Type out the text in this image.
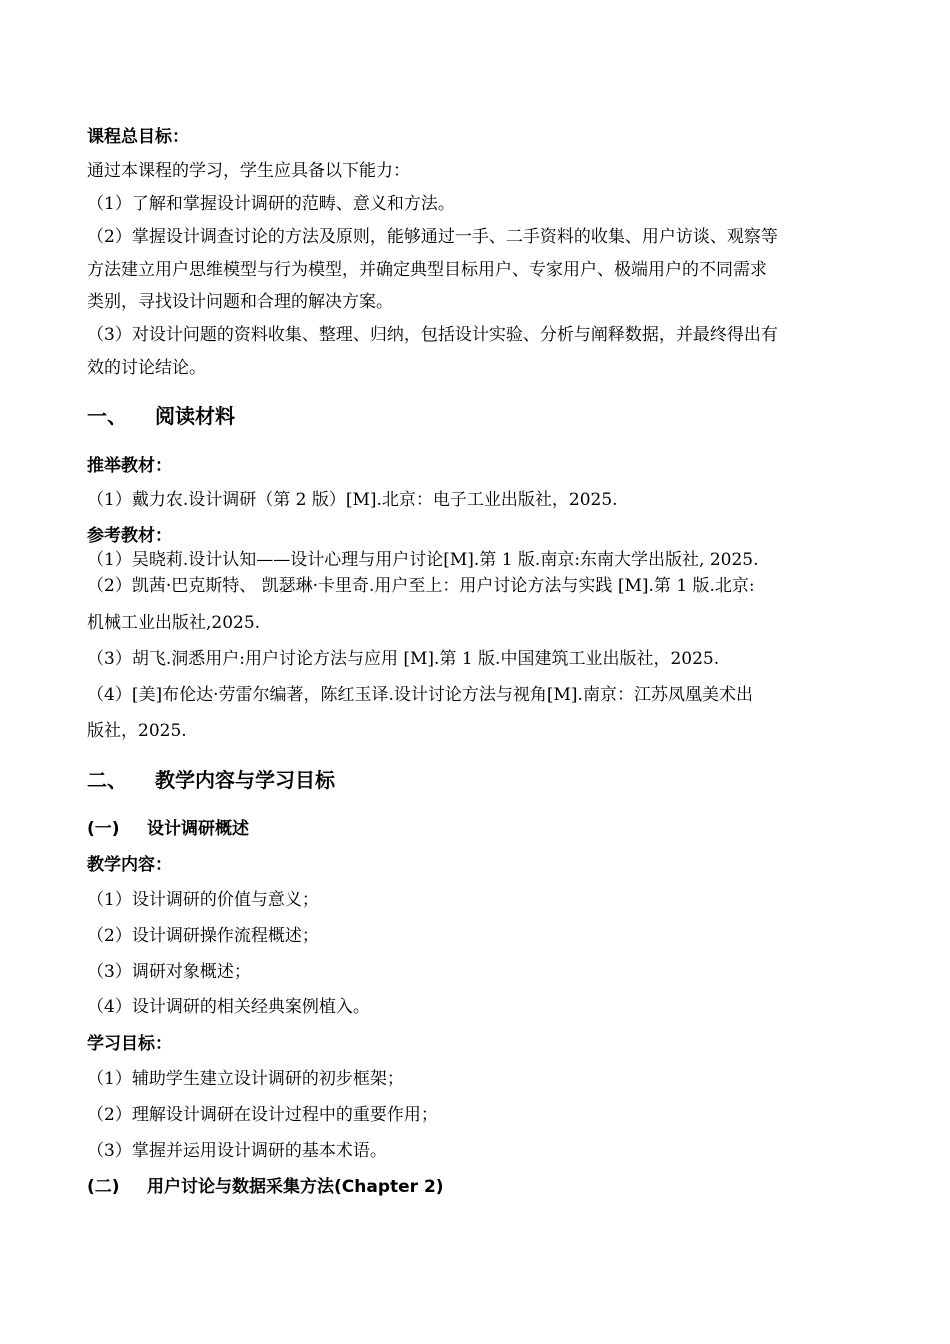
课程总目标：
通过本课程的学习，学生应具备以下能力：
（1）了解和掌握设计调研的范畴、意义和方法。
（2）掌握设计调查讨论的方法及原则，能够通过一手、二手资料的收集、用户访谈、观察等
方法建立用户思维模型与行为模型，并确定典型目标用户、专家用户、极端用户的不同需求
类别，寻找设计问题和合理的解决方案。
（3）对设计问题的资料收集、整理、归纳，包括设计实验、分析与阐释数据，并最终得出有
效的讨论结论。
一、 阅读材料
推举教材：
（1）戴力农.设计调研（第 2 版）[M].北京：电子工业出版社，2025.
参考教材：
（1）吴晓莉.设计认知——设计心理与用户讨论[M].第 1 版.南京:东南大学出版社, 2025.
（2）凯茜·巴克斯特、 凯瑟琳·卡里奇.用户至上：用户讨论方法与实践 [M].第 1 版.北京:
机械工业出版社,2025.
（3）胡飞.洞悉用户:用户讨论方法与应用 [M].第 1 版.中国建筑工业出版社，2025.
（4）[美]布伦达·劳雷尔编著，陈红玉译.设计讨论方法与视角[M].南京：江苏凤凰美术出
版社，2025.
二、 教学内容与学习目标
(一) 设计调研概述
教学内容：
（1）设计调研的价值与意义；
（2）设计调研操作流程概述；
（3）调研对象概述；
（4）设计调研的相关经典案例植入。
学习目标：
（1）辅助学生建立设计调研的初步框架；
（2）理解设计调研在设计过程中的重要作用；
（3）掌握并运用设计调研的基本术语。
(二) 用户讨论与数据采集方法(Chapter 2)
